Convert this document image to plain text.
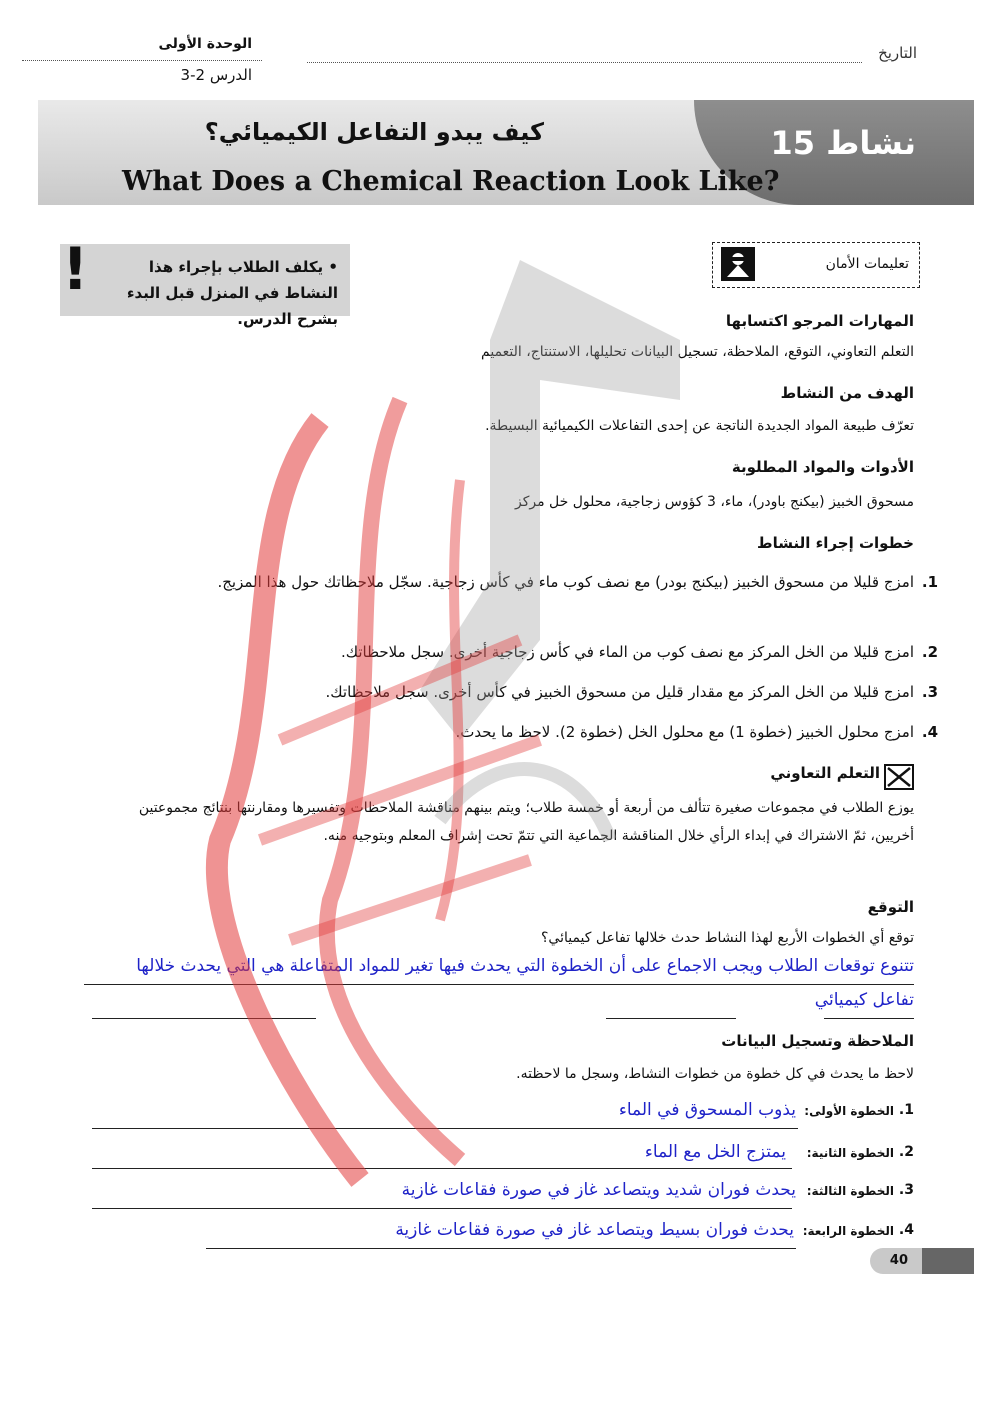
الوحدة الأولى
الدرس 2-3
التاريخ
نشاط 15
كيف يبدو التفاعل الكيميائي؟
What Does a Chemical Reaction Look Like?
!	• يكلف الطلاب بإجراء هذا النشاط في المنزل قبل البدء بشرح الدرس.
تعليمات الأمان
المهارات المرجو اكتسابها
التعلم التعاوني، التوقع، الملاحظة، تسجيل البيانات تحليلها، الاستنتاج، التعميم
الهدف من النشاط
تعرّف طبيعة المواد الجديدة الناتجة عن إحدى التفاعلات الكيميائية البسيطة.
الأدوات والمواد المطلوبة
مسحوق الخبيز (بيكنج باودر)، ماء، 3 كؤوس زجاجية، محلول خل مركز
خطوات إجراء النشاط
1.
امزج قليلا من مسحوق الخبيز (بيكنج بودر) مع نصف كوب ماء في كأس زجاجية. سجّل ملاحظاتك حول هذا المزيج.
2.
امزج قليلا من الخل المركز مع نصف كوب من الماء في كأس زجاجية أخرى. سجل ملاحظاتك.
3.
امزج قليلا من الخل المركز مع مقدار قليل من مسحوق الخبيز في كأس أخرى. سجل ملاحظاتك.
4.
امزج محلول الخبيز (خطوة 1) مع محلول الخل (خطوة 2). لاحظ ما يحدث.
التعلم التعاوني
يوزع الطلاب في مجموعات صغيرة تتألف من أربعة أو خمسة طلاب؛ ويتم بينهم مناقشة الملاحظات وتفسيرها ومقارنتها بنتائج مجموعتين أخريين، ثمّ الاشتراك في إبداء الرأي خلال المناقشة الجماعية التي تتمّ تحت إشراف المعلم وبتوجيه منه.
التوقع
توقع أي الخطوات الأربع لهذا النشاط حدث خلالها تفاعل كيميائي؟
تتنوع توقعات الطلاب ويجب الاجماع على أن الخطوة التي يحدث فيها تغير للمواد المتفاعلة هي التي يحدث خلالها
تفاعل كيميائي
الملاحظة وتسجيل البيانات
لاحظ ما يحدث في كل خطوة من خطوات النشاط، وسجل ما لاحظته.
1.
الخطوة الأولى:
يذوب المسحوق في الماء
2.
الخطوة الثانية:
يمتزج الخل مع الماء
3.
الخطوة الثالثة:
يحدث فوران شديد ويتصاعد غاز في صورة فقاعات غازية
4.
الخطوة الرابعة:
يحدث فوران بسيط ويتصاعد غاز في صورة فقاعات غازية
40
